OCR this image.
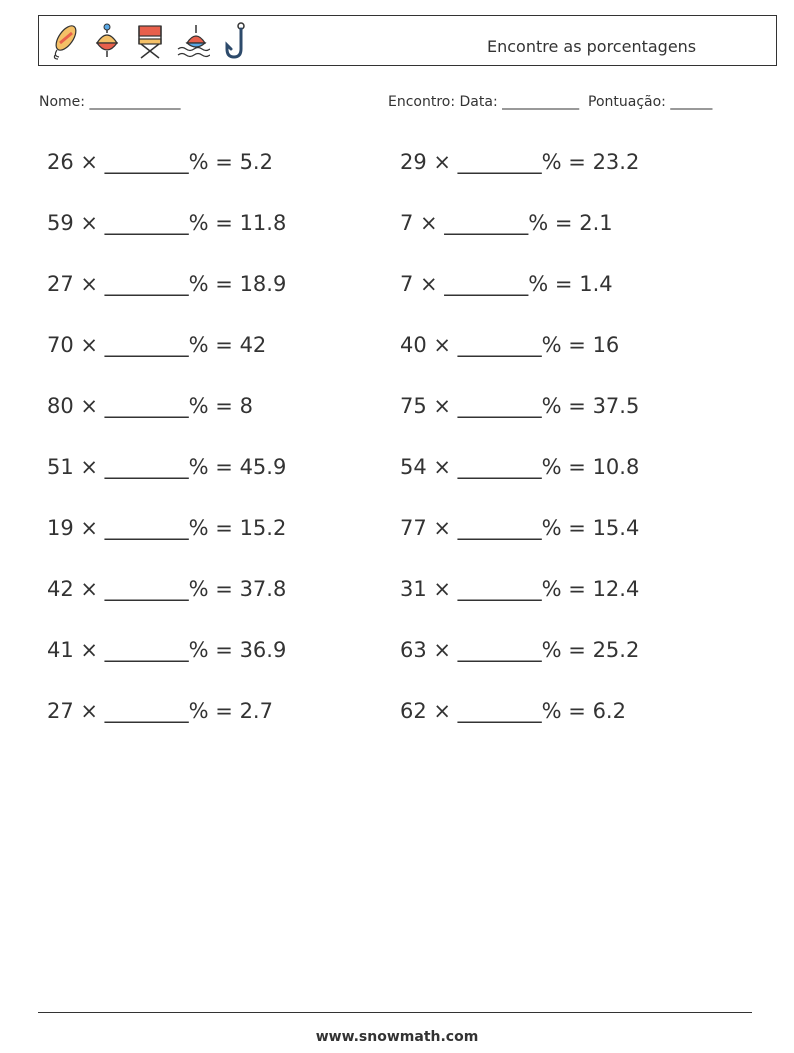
Encontre as porcentagens
Nome: _____________	Encontro: Data: ___________  Pontuação: ______
26 × ________% = 5.2
59 × ________% = 11.8
27 × ________% = 18.9
70 × ________% = 42
80 × ________% = 8
51 × ________% = 45.9
19 × ________% = 15.2
42 × ________% = 37.8
41 × ________% = 36.9
27 × ________% = 2.7
29 × ________% = 23.2
7 × ________% = 2.1
7 × ________% = 1.4
40 × ________% = 16
75 × ________% = 37.5
54 × ________% = 10.8
77 × ________% = 15.4
31 × ________% = 12.4
63 × ________% = 25.2
62 × ________% = 6.2
www.snowmath.com
